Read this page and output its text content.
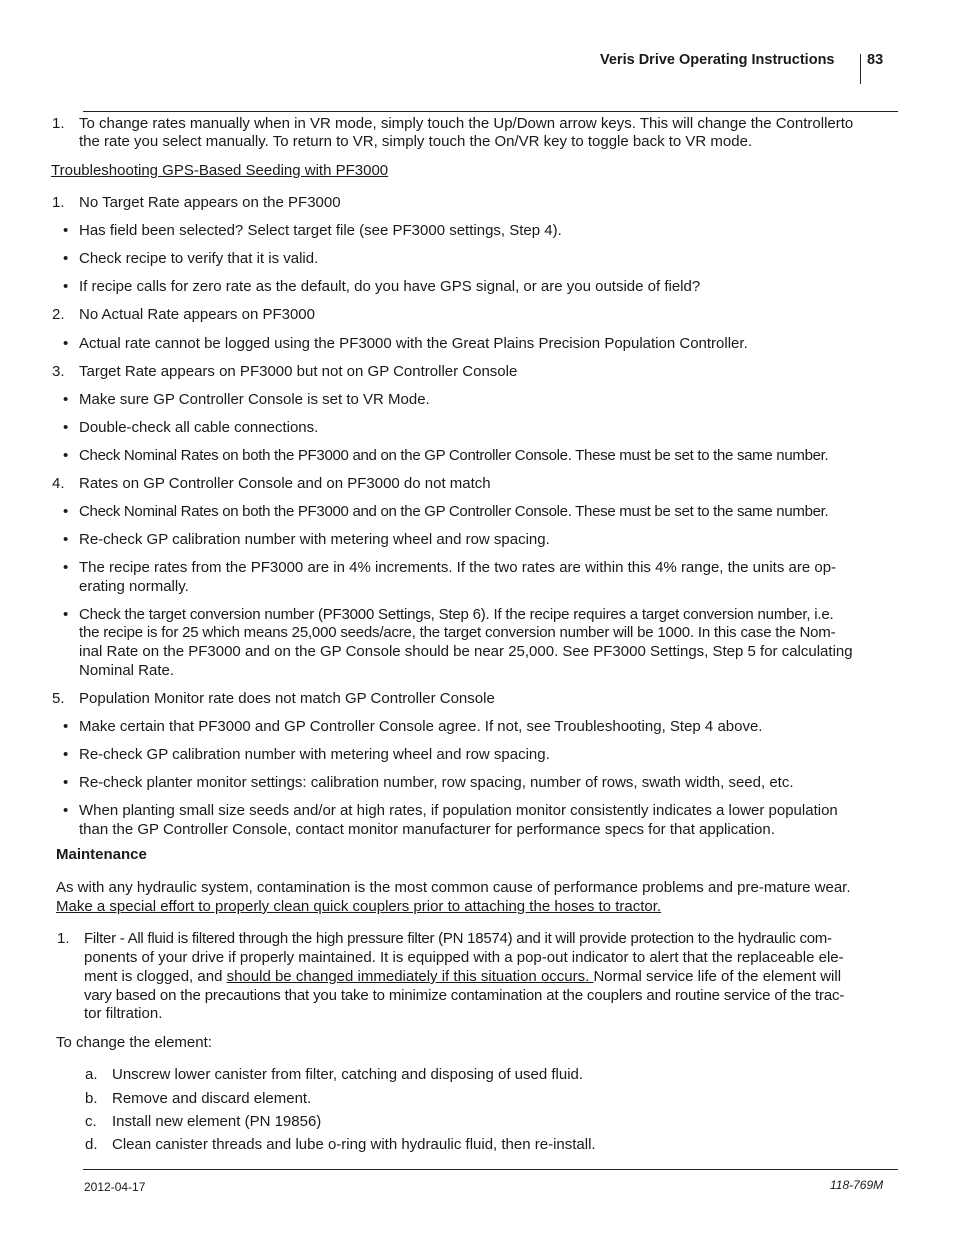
Veris Drive Operating Instructions 83
1. To change rates manually when in VR mode, simply touch the Up/Down arrow keys. This will change the Controllerto
the rate you select manually. To return to VR, simply touch the On/VR key to toggle back to VR mode.
Troubleshooting GPS-Based Seeding with PF3000
1. No Target Rate appears on the PF3000
• Has field been selected? Select target file (see PF3000 settings, Step 4).
• Check recipe to verify that it is valid.
• If recipe calls for zero rate as the default, do you have GPS signal, or are you outside of field?
2. No Actual Rate appears on PF3000
• Actual rate cannot be logged using the PF3000 with the Great Plains Precision Population Controller.
3. Target Rate appears on PF3000 but not on GP Controller Console
• Make sure GP Controller Console is set to VR Mode.
• Double-check all cable connections.
• Check Nominal Rates on both the PF3000 and on the GP Controller Console. These must be set to the same number.
4. Rates on GP Controller Console and on PF3000 do not match
• Check Nominal Rates on both the PF3000 and on the GP Controller Console. These must be set to the same number.
• Re-check GP calibration number with metering wheel and row spacing.
• The recipe rates from the PF3000 are in 4% increments. If the two rates are within this 4% range, the units are op-
erating normally.
• Check the target conversion number (PF3000 Settings, Step 6). If the recipe requires a target conversion number, i.e.
the recipe is for 25 which means 25,000 seeds/acre, the target conversion number will be 1000. In this case the Nom-
inal Rate on the PF3000 and on the GP Console should be near 25,000. See PF3000 Settings, Step 5 for calculating
Nominal Rate.
5. Population Monitor rate does not match GP Controller Console
• Make certain that PF3000 and GP Controller Console agree. If not, see Troubleshooting, Step 4 above.
• Re-check GP calibration number with metering wheel and row spacing.
• Re-check planter monitor settings: calibration number, row spacing, number of rows, swath width, seed, etc.
• When planting small size seeds and/or at high rates, if population monitor consistently indicates a lower population
than the GP Controller Console, contact monitor manufacturer for performance specs for that application.
Maintenance
As with any hydraulic system, contamination is the most common cause of performance problems and pre-mature wear.
Make a special effort to properly clean quick couplers prior to attaching the hoses to tractor.
1. Filter - All fluid is filtered through the high pressure filter (PN 18574) and it will provide protection to the hydraulic com-
ponents of your drive if properly maintained. It is equipped with a pop-out indicator to alert that the replaceable ele-
ment is clogged, and should be changed immediately if this situation occurs. Normal service life of the element will
vary based on the precautions that you take to minimize contamination at the couplers and routine service of the trac-
tor filtration.
To change the element:
a. Unscrew lower canister from filter, catching and disposing of used fluid.
b. Remove and discard element.
c. Install new element (PN 19856)
d. Clean canister threads and lube o-ring with hydraulic fluid, then re-install.
2012-04-17	118-769M
